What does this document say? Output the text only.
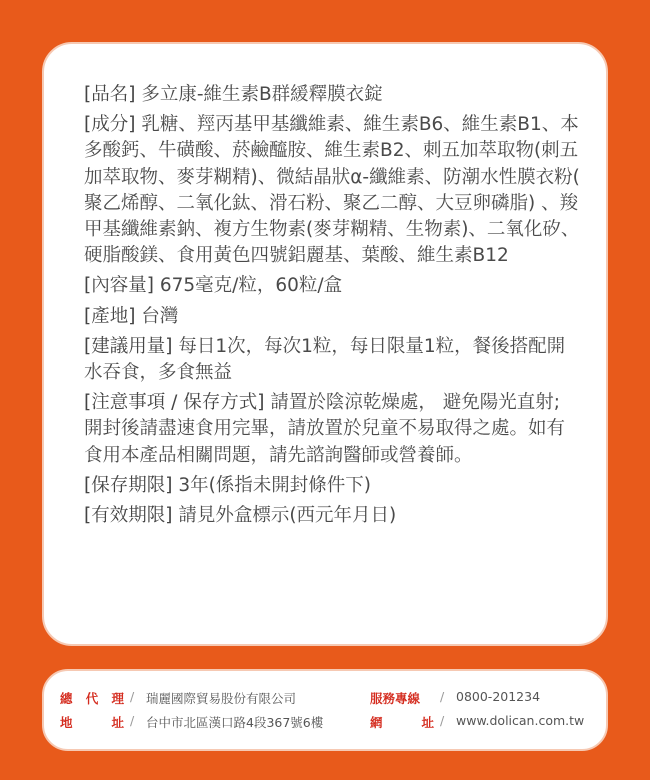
[品名] 多立康-維生素B群緩釋膜衣錠
[成分] 乳糖、羥丙基甲基纖維素、維生素B6、維生素B1、本多酸鈣、牛磺酸、菸鹼醯胺、維生素B2、刺五加萃取物(刺五加萃取物、麥芽糊精)、微結晶狀α-纖維素、防潮水性膜衣粉( 聚乙烯醇、二氧化鈦、滑石粉、聚乙二醇、大豆卵磷脂) 、羧甲基纖維素鈉、複方生物素(麥芽糊精、生物素)、二氧化矽、硬脂酸鎂、食用黃色四號鋁麗基、葉酸、維生素B12
[內容量] 675毫克/粒，60粒/盒
[產地] 台灣
[建議用量] 每日1次，每次1粒，每日限量1粒，餐後搭配開水吞食，多食無益
[注意事項 / 保存方式] 請置於陰涼乾燥處， 避免陽光直射; 開封後請盡速食用完畢，請放置於兒童不易取得之處。如有食用本產品相關問題，請先諮詢醫師或營養師。
[保存期限] 3年(係指未開封條件下)
[有效期限] 請見外盒標示(西元年月日)
總 代 理 / 瑞麗國際貿易股份有限公司	服務專線 / 0800-201234
地	址 / 台中市北區漢口路4段367號6樓	網	址 / www.dolican.com.tw
